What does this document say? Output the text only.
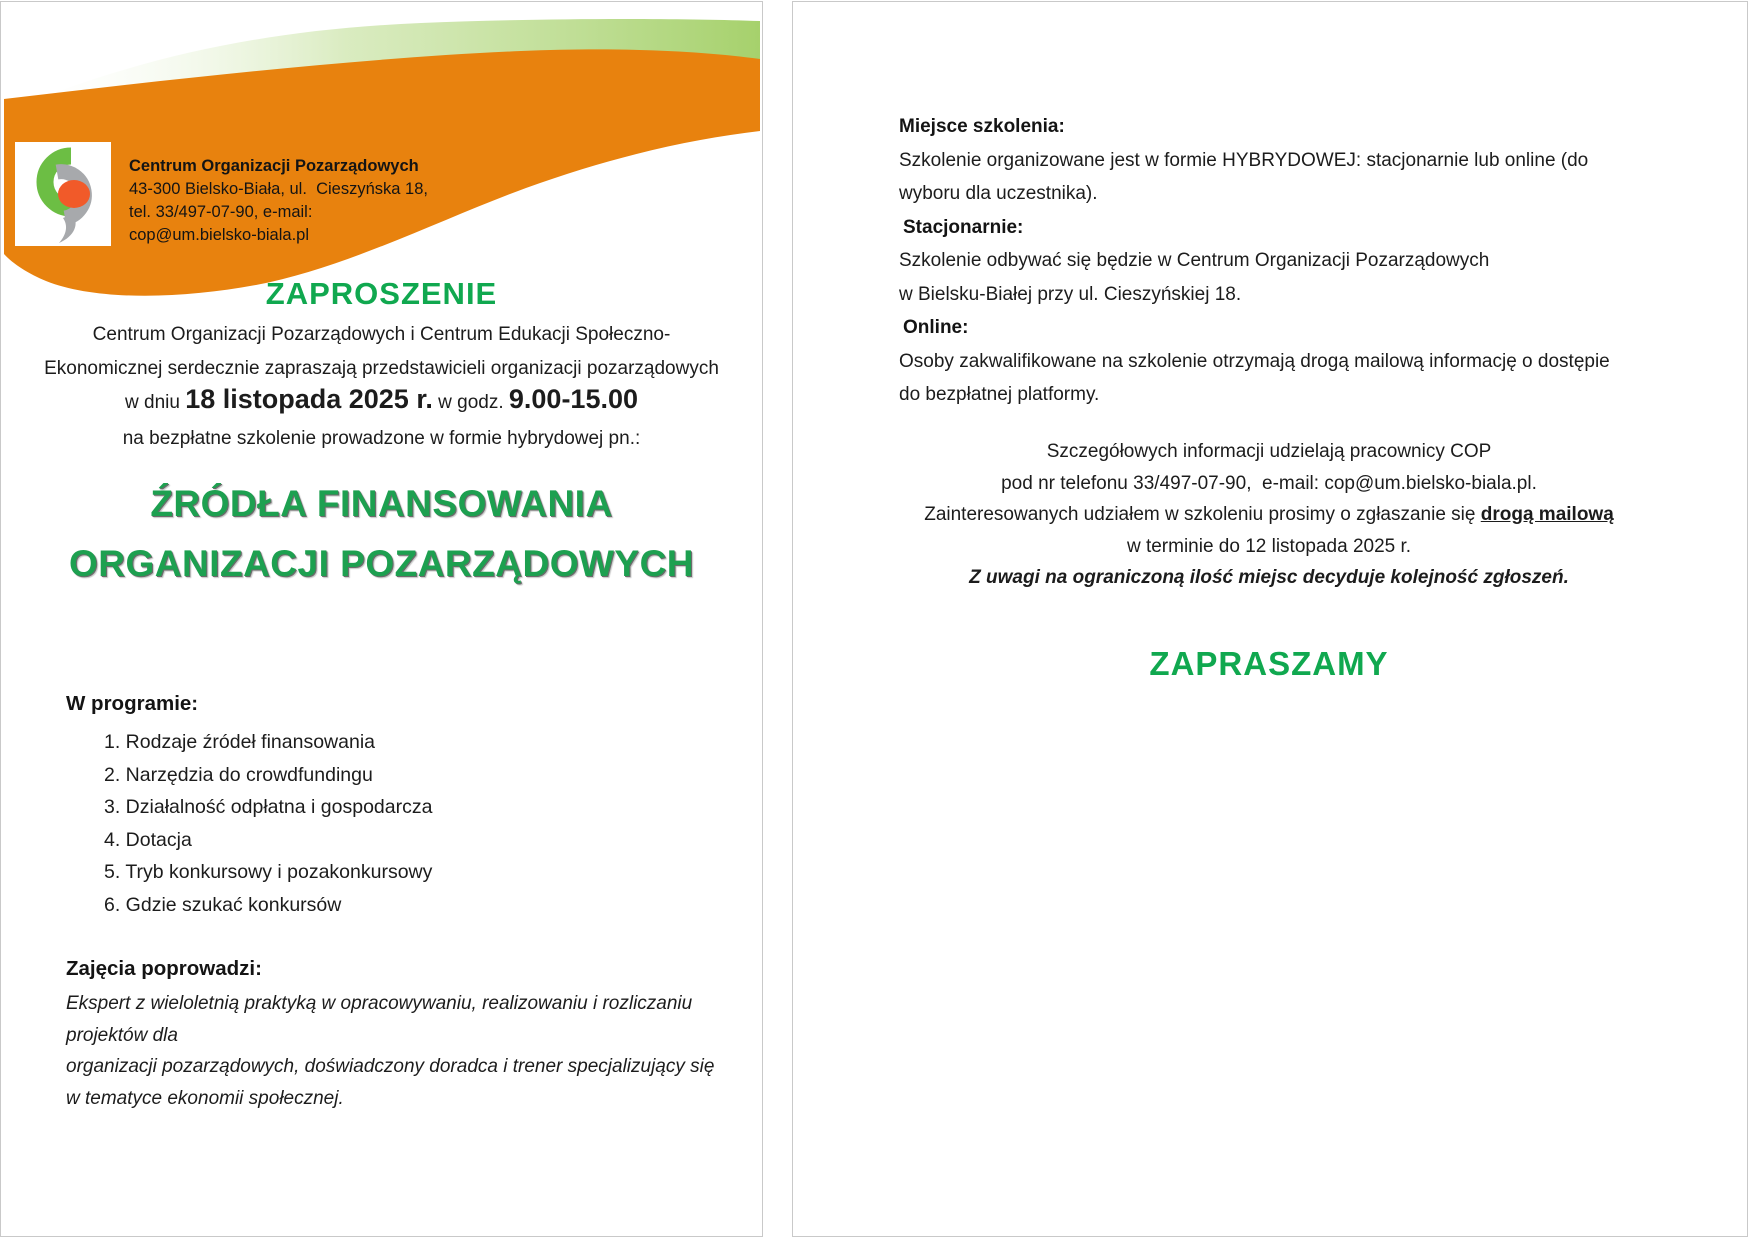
Centrum Organizacji Pozarządowych
43-300 Bielsko-Biała, ul.  Cieszyńska 18,
tel. 33/497-07-90, e-mail:
cop@um.bielsko-biala.pl
ZAPROSZENIE
Centrum Organizacji Pozarządowych i Centrum Edukacji Społeczno-
Ekonomicznej serdecznie zapraszają przedstawicieli organizacji pozarządowych
w dniu 18 listopada 2025 r. w godz. 9.00-15.00
na bezpłatne szkolenie prowadzone w formie hybrydowej pn.:
ŹRÓDŁA FINANSOWANIA
ORGANIZACJI POZARZĄDOWYCH
W programie:
1. Rodzaje źródeł finansowania
2. Narzędzia do crowdfundingu
3. Działalność odpłatna i gospodarcza
4. Dotacja
5. Tryb konkursowy i pozakonkursowy
6. Gdzie szukać konkursów
Zajęcia poprowadzi:
Ekspert z wieloletnią praktyką w opracowywaniu, realizowaniu i rozliczaniu projektów dla
organizacji pozarządowych, doświadczony doradca i trener specjalizujący się
w tematyce ekonomii społecznej.
Miejsce szkolenia:
Szkolenie organizowane jest w formie HYBRYDOWEJ: stacjonarnie lub online (do
wyboru dla uczestnika).
Stacjonarnie:
Szkolenie odbywać się będzie w Centrum Organizacji Pozarządowych
w Bielsku-Białej przy ul. Cieszyńskiej 18.
Online:
Osoby zakwalifikowane na szkolenie otrzymają drogą mailową informację o dostępie
do bezpłatnej platformy.
Szczegółowych informacji udzielają pracownicy COP
pod nr telefonu 33/497-07-90,  e-mail: cop@um.bielsko-biala.pl.
Zainteresowanych udziałem w szkoleniu prosimy o zgłaszanie się drogą mailową
w terminie do 12 listopada 2025 r.
Z uwagi na ograniczoną ilość miejsc decyduje kolejność zgłoszeń.
ZAPRASZAMY
